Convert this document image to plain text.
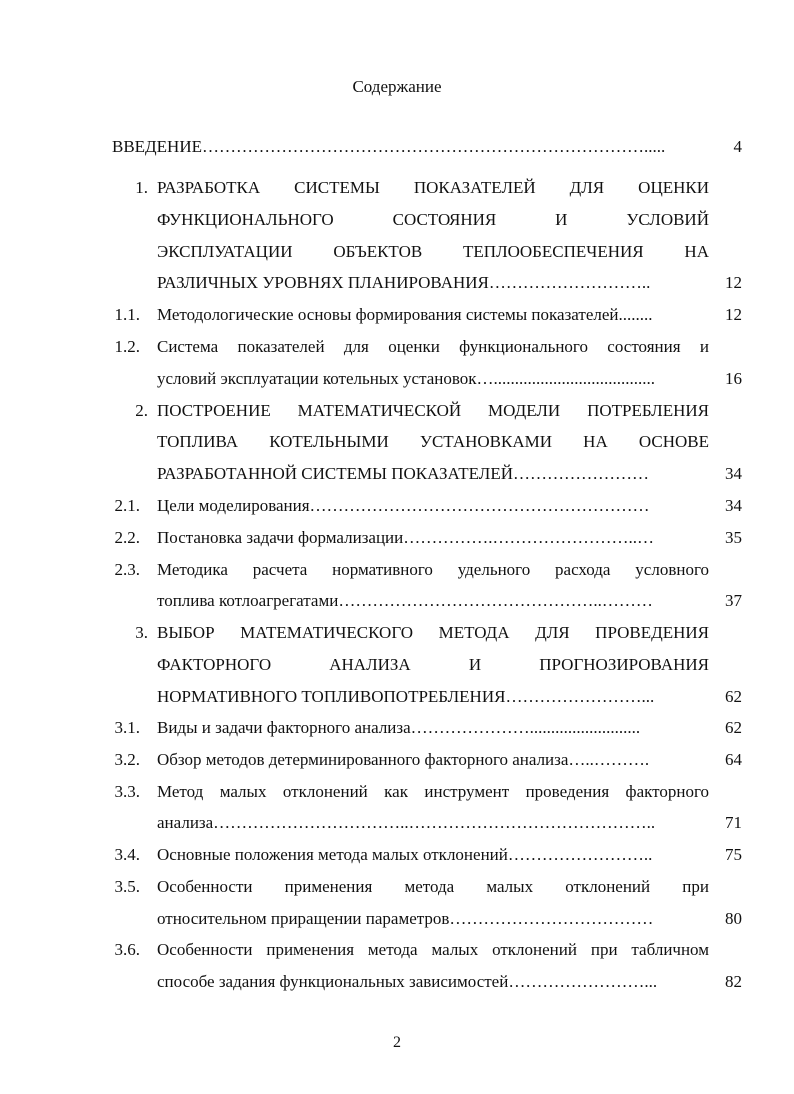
Содержание
ВВЕДЕНИЕ…………………………………………………………………….....	4
1. РАЗРАБОТКА СИСТЕМЫ ПОКАЗАТЕЛЕЙ ДЛЯ ОЦЕНКИ
ФУНКЦИОНАЛЬНОГО СОСТОЯНИЯ И УСЛОВИЙ
ЭКСПЛУАТАЦИИ ОБЪЕКТОВ ТЕПЛООБЕСПЕЧЕНИЯ НА
РАЗЛИЧНЫХ УРОВНЯХ ПЛАНИРОВАНИЯ………………………..	12
1.1. Методологические основы формирования системы показателей........	12
1.2. Система показателей для оценки функционального состояния и
условий эксплуатации котельных установок…......................................	16
2. ПОСТРОЕНИЕ МАТЕМАТИЧЕСКОЙ МОДЕЛИ ПОТРЕБЛЕНИЯ
ТОПЛИВА КОТЕЛЬНЫМИ УСТАНОВКАМИ НА ОСНОВЕ
РАЗРАБОТАННОЙ СИСТЕМЫ ПОКАЗАТЕЛЕЙ……………………	34
2.1. Цели моделирования……………………………………………………	34
2.2. Постановка задачи формализации…………….……………………..…	35
2.3. Методика расчета нормативного удельного расхода условного
топлива котлоагрегатами………………………………………..………	37
3. ВЫБОР МАТЕМАТИЧЕСКОГО МЕТОДА ДЛЯ ПРОВЕДЕНИЯ
ФАКТОРНОГО АНАЛИЗА И ПРОГНОЗИРОВАНИЯ
НОРМАТИВНОГО ТОПЛИВОПОТРЕБЛЕНИЯ……………………...	62
3.1. Виды и задачи факторного анализа…………………..........................	62
3.2. Обзор методов детерминированного факторного анализа…..……….	64
3.3. Метод малых отклонений как инструмент проведения факторного
анализа……………………………..……………………………………..	71
3.4. Основные положения метода малых отклонений……………………..	75
3.5. Особенности применения метода малых отклонений при
относительном приращении параметров………………………………	80
3.6. Особенности применения метода малых отклонений при табличном
способе задания функциональных зависимостей……………………...	82
2
